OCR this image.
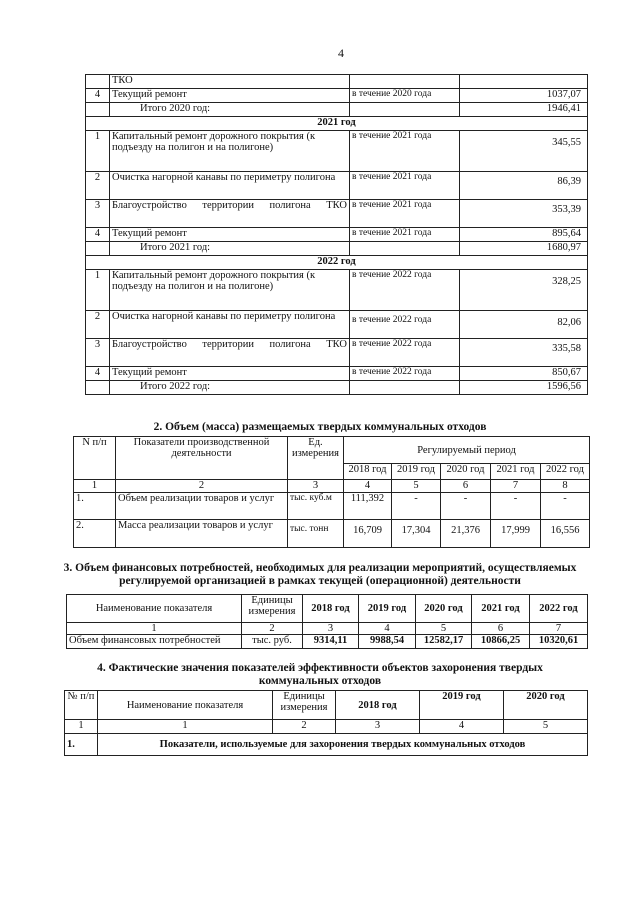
4
	ТКО		
4	Текущий ремонт	в течение 2020 года	1037,07
	Итого 2020 год:		1946,41
2021 год			
1	Капитальный ремонт дорожного покрытия (к подъезду на полигон и на полигоне)	в течение 2021 года	345,55
2	Очистка нагорной канавы по периметру полигона	в течение 2021 года	86,39
3	Благоустройство территории полигона ТКО	в течение 2021 года	353,39
4	Текущий ремонт	в течение 2021 года	895,64
	Итого 2021 год:		1680,97
2022 год			
1	Капитальный ремонт дорожного покрытия (к подъезду на полигон и на полигоне)	в течение 2022 года	328,25
2	Очистка нагорной канавы по периметру полигона	в течение 2022 года	82,06
3	Благоустройство территории полигона ТКО	в течение 2022 года	335,58
4	Текущий ремонт	в течение 2022 года	850,67
	Итого 2022 год:		1596,56
2. Объем (масса) размещаемых твердых коммунальных отходов
N п/п	Показатели производственной деятельности	Ед. измерения	Регулируемый период				
			2018 год	2019 год	2020 год	2021 год	2022 год
1	2	3	4	5	6	7	8
1.	Объем реализации товаров и услуг	тыс. куб.м	111,392	-	-	-	-
2.	Масса реализации товаров и услуг	тыс. тонн	16,709	17,304	21,376	17,999	16,556
3. Объем финансовых потребностей, необходимых для реализации мероприятий, осуществляемых
регулируемой организацией в рамках текущей (операционной) деятельности
Наименование показателя	Единицы измерения	2018 год	2019 год	2020 год	2021 год	2022 год
1	2	3	4	5	6	7
Объем финансовых потребностей	тыс. руб.	9314,11	9988,54	12582,17	10866,25	10320,61
4. Фактические значения показателей эффективности объектов захоронения твердых
коммунальных отходов
№ п/п	Наименование показателя	Единицы измерения	2018 год	2019 год	2020 год
1	1	2	3	4	5
1.	Показатели, используемые для захоронения твердых коммунальных отходов				
